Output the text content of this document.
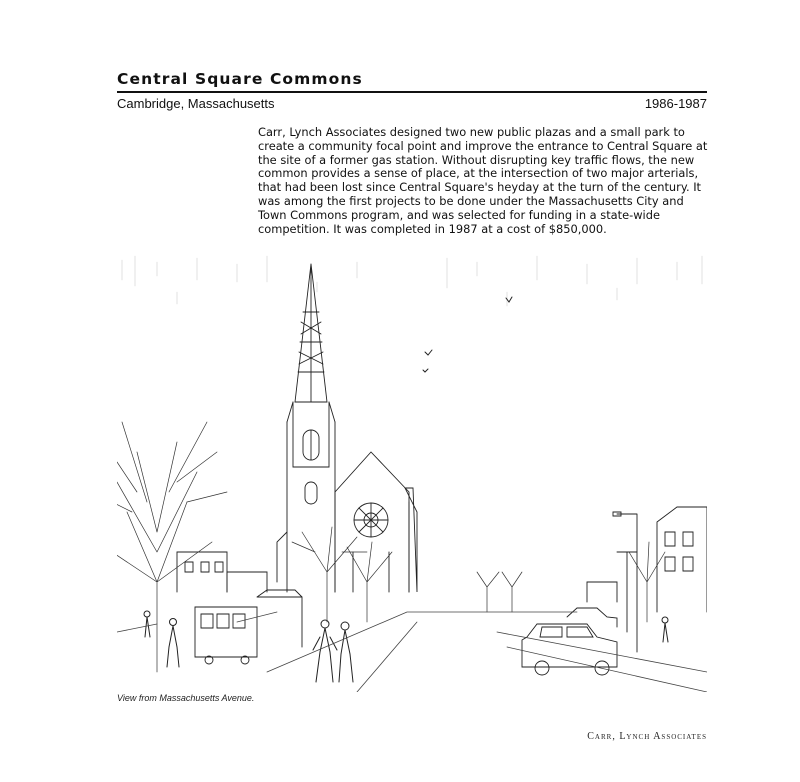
Central Square Commons
Cambridge, Massachusetts	1986-1987

Carr, Lynch Associates designed two new public plazas and a small park to create a community focal point and improve the entrance to Central Square at the site of a former gas station. Without disrupting key traffic flows, the new common provides a sense of place, at the intersection of two major arterials, that had been lost since Central Square's heyday at the turn of the century. It was among the first projects to be done under the Massachusetts City and Town Commons program, and was selected for funding in a state-wide competition. It was completed in 1987 at a cost of $850,000.

View from Massachusetts Avenue.
Carr, Lynch Associates
